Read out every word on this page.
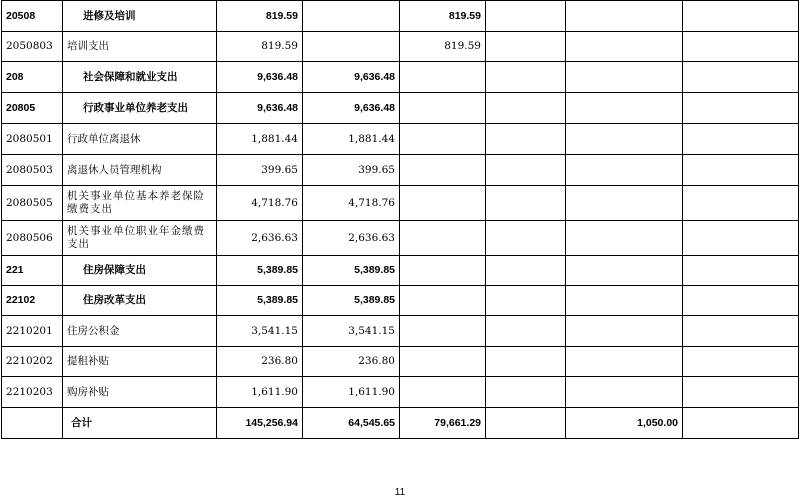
20508	进修及培训	819.59		819.59			
2050803	培训支出	819.59		819.59			
208	社会保障和就业支出	9,636.48	9,636.48				
20805	行政事业单位养老支出	9,636.48	9,636.48				
2080501	行政单位离退休	1,881.44	1,881.44				
2080503	离退休人员管理机构	399.65	399.65				
2080505	机关事业单位基本养老保险缴费支出	4,718.76	4,718.76				
2080506	机关事业单位职业年金缴费支出	2,636.63	2,636.63				
221	住房保障支出	5,389.85	5,389.85				
22102	住房改革支出	5,389.85	5,389.85				
2210201	住房公积金	3,541.15	3,541.15				
2210202	提租补贴	236.80	236.80				
2210203	购房补贴	1,611.90	1,611.90				
	合计	145,256.94	64,545.65	79,661.29		1,050.00	
11
